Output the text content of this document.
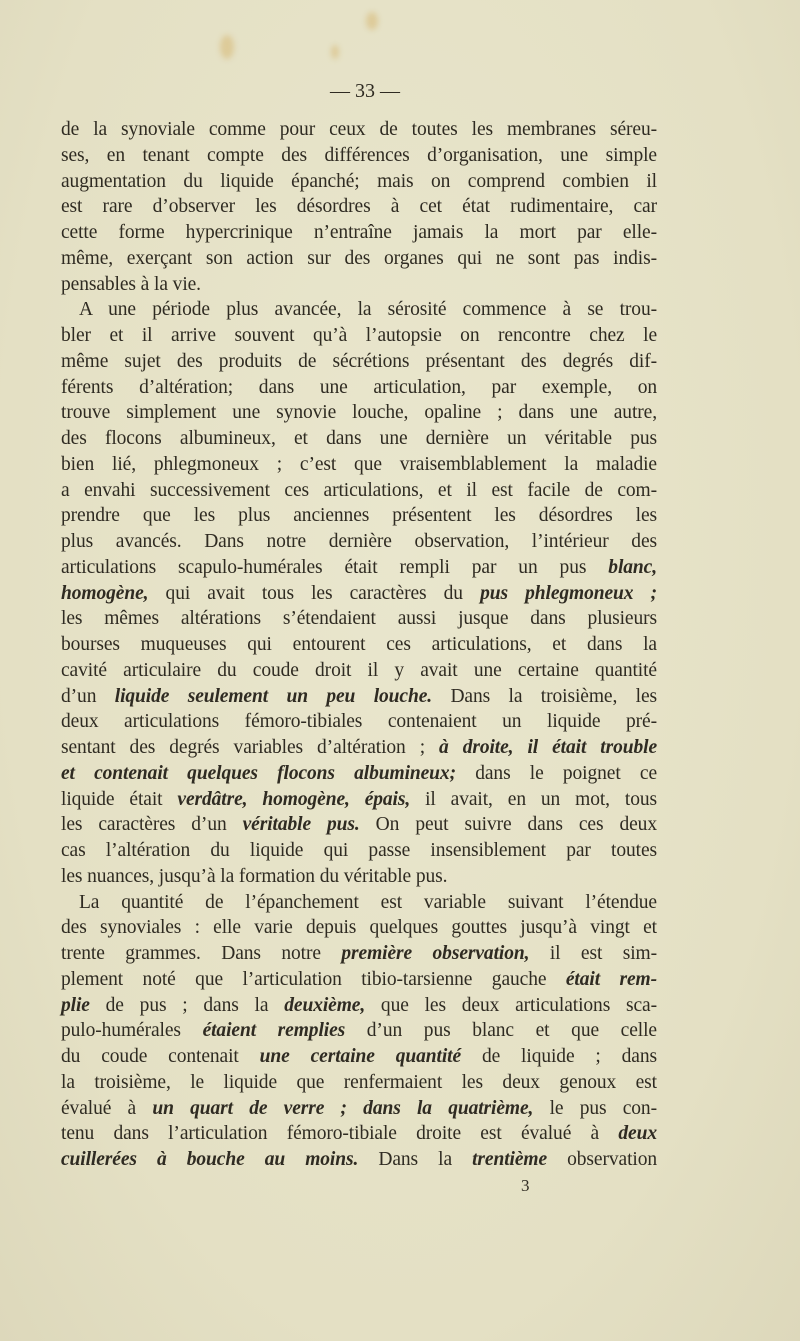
— 33 —
de la synoviale comme pour ceux de toutes les membranes séreu-
ses, en tenant compte des différences d’organisation, une simple
augmentation du liquide épanché; mais on comprend combien il
est rare d’observer les désordres à cet état rudimentaire, car
cette forme hypercrinique n’entraîne jamais la mort par elle-
même, exerçant son action sur des organes qui ne sont pas indis-
pensables à la vie.
A une période plus avancée, la sérosité commence à se trou-
bler et il arrive souvent qu’à l’autopsie on rencontre chez le
même sujet des produits de sécrétions présentant des degrés dif-
férents d’altération; dans une articulation, par exemple, on
trouve simplement une synovie louche, opaline ; dans une autre,
des flocons albumineux, et dans une dernière un véritable pus
bien lié, phlegmoneux ; c’est que vraisemblablement la maladie
a envahi successivement ces articulations, et il est facile de com-
prendre que les plus anciennes présentent les désordres les
plus avancés. Dans notre dernière observation, l’intérieur des
articulations scapulo-humérales était rempli par un pus blanc,
homogène, qui avait tous les caractères du pus phlegmoneux ;
les mêmes altérations s’étendaient aussi jusque dans plusieurs
bourses muqueuses qui entourent ces articulations, et dans la
cavité articulaire du coude droit il y avait une certaine quantité
d’un liquide seulement un peu louche. Dans la troisième, les
deux articulations fémoro-tibiales contenaient un liquide pré-
sentant des degrés variables d’altération ; à droite, il était trouble
et contenait quelques flocons albumineux; dans le poignet ce
liquide était verdâtre, homogène, épais, il avait, en un mot, tous
les caractères d’un véritable pus. On peut suivre dans ces deux
cas l’altération du liquide qui passe insensiblement par toutes
les nuances, jusqu’à la formation du véritable pus.
La quantité de l’épanchement est variable suivant l’étendue
des synoviales : elle varie depuis quelques gouttes jusqu’à vingt et
trente grammes. Dans notre première observation, il est sim-
plement noté que l’articulation tibio-tarsienne gauche était rem-
plie de pus ; dans la deuxième, que les deux articulations sca-
pulo-humérales étaient remplies d’un pus blanc et que celle
du coude contenait une certaine quantité de liquide ; dans
la troisième, le liquide que renfermaient les deux genoux est
évalué à un quart de verre ; dans la quatrième, le pus con-
tenu dans l’articulation fémoro-tibiale droite est évalué à deux
cuillerées à bouche au moins. Dans la trentième observation
3
